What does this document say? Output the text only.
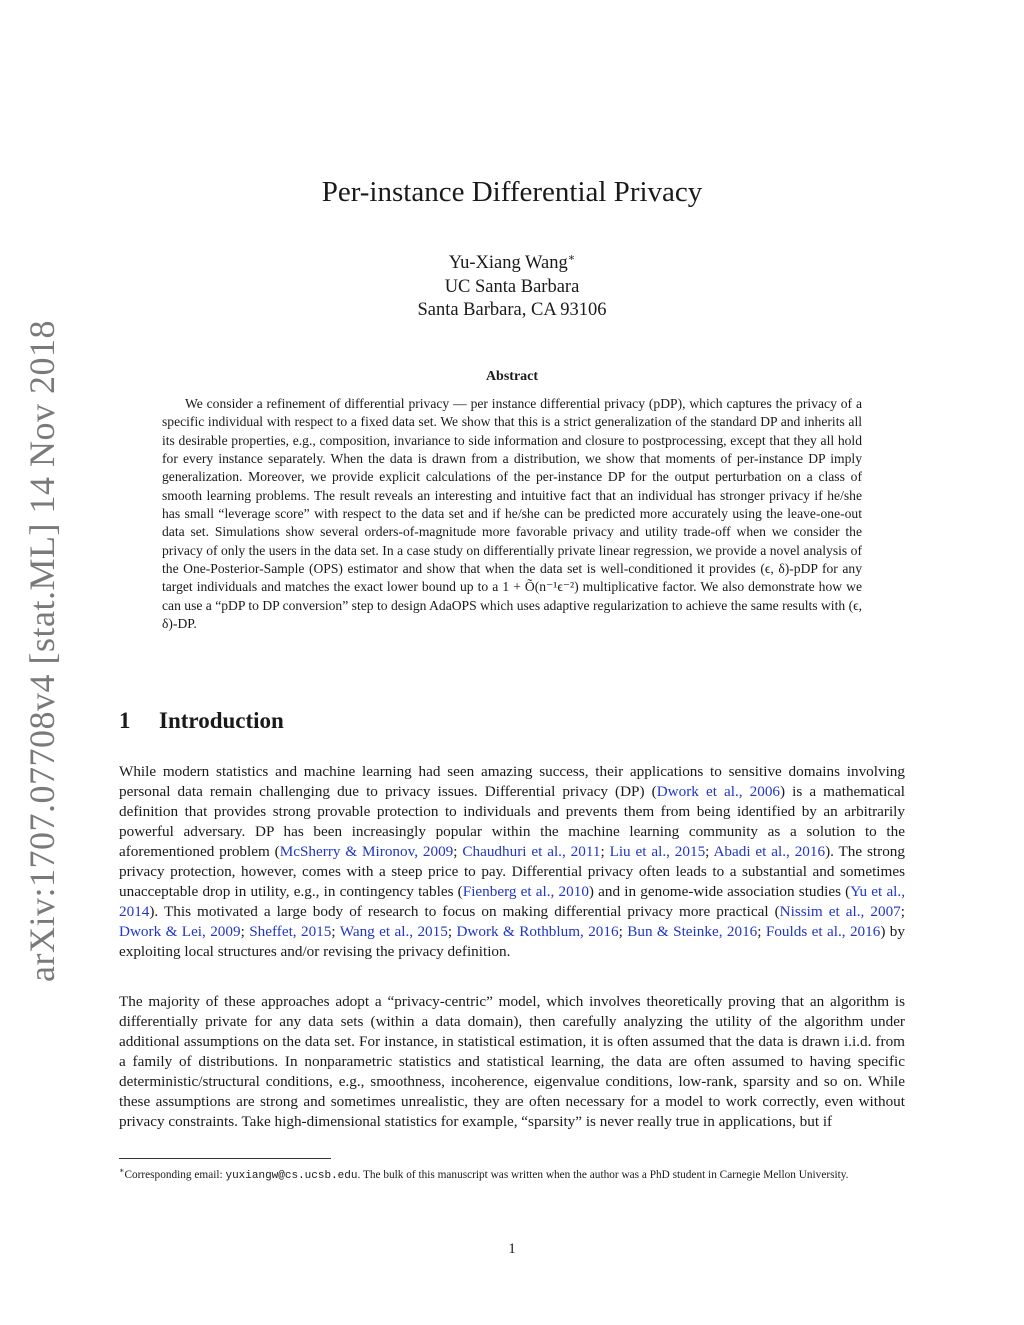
arXiv:1707.07708v4 [stat.ML] 14 Nov 2018
Per-instance Differential Privacy
Yu-Xiang Wang∗
UC Santa Barbara
Santa Barbara, CA 93106
Abstract

We consider a refinement of differential privacy — per instance differential privacy (pDP), which captures the privacy of a specific individual with respect to a fixed data set. We show that this is a strict generalization of the standard DP and inherits all its desirable properties, e.g., composition, invariance to side information and closure to postprocessing, except that they all hold for every instance separately. When the data is drawn from a distribution, we show that moments of per-instance DP imply generalization. Moreover, we provide explicit calculations of the per-instance DP for the output perturbation on a class of smooth learning problems. The result reveals an interesting and intuitive fact that an individual has stronger privacy if he/she has small “leverage score” with respect to the data set and if he/she can be predicted more accurately using the leave-one-out data set. Simulations show several orders-of-magnitude more favorable privacy and utility trade-off when we consider the privacy of only the users in the data set. In a case study on differentially private linear regression, we provide a novel analysis of the One-Posterior-Sample (OPS) estimator and show that when the data set is well-conditioned it provides (ϵ, δ)-pDP for any target individuals and matches the exact lower bound up to a 1 + Õ(n⁻¹ϵ⁻²) multiplicative factor. We also demonstrate how we can use a “pDP to DP conversion” step to design AdaOPS which uses adaptive regularization to achieve the same results with (ϵ, δ)-DP.

1 Introduction

While modern statistics and machine learning had seen amazing success, their applications to sensitive domains involving personal data remain challenging due to privacy issues. Differential privacy (DP) (Dwork et al., 2006) is a mathematical definition that provides strong provable protection to individuals and prevents them from being identified by an arbitrarily powerful adversary. DP has been increasingly popular within the machine learning community as a solution to the aforementioned problem (McSherry & Mironov, 2009; Chaudhuri et al., 2011; Liu et al., 2015; Abadi et al., 2016). The strong privacy protection, however, comes with a steep price to pay. Differential privacy often leads to a substantial and sometimes unacceptable drop in utility, e.g., in contingency tables (Fienberg et al., 2010) and in genome-wide association studies (Yu et al., 2014). This motivated a large body of research to focus on making differential privacy more practical (Nissim et al., 2007; Dwork & Lei, 2009; Sheffet, 2015; Wang et al., 2015; Dwork & Rothblum, 2016; Bun & Steinke, 2016; Foulds et al., 2016) by exploiting local structures and/or revising the privacy definition.

The majority of these approaches adopt a “privacy-centric” model, which involves theoretically proving that an algorithm is differentially private for any data sets (within a data domain), then carefully analyzing the utility of the algorithm under additional assumptions on the data set. For instance, in statistical estimation, it is often assumed that the data is drawn i.i.d. from a family of distributions. In nonparametric statistics and statistical learning, the data are often assumed to having specific deterministic/structural conditions, e.g., smoothness, incoherence, eigenvalue conditions, low-rank, sparsity and so on. While these assumptions are strong and sometimes unrealistic, they are often necessary for a model to work correctly, even without privacy constraints. Take high-dimensional statistics for example, “sparsity” is never really true in applications, but if

∗Corresponding email: yuxiangw@cs.ucsb.edu. The bulk of this manuscript was written when the author was a PhD student in Carnegie Mellon University.

1
